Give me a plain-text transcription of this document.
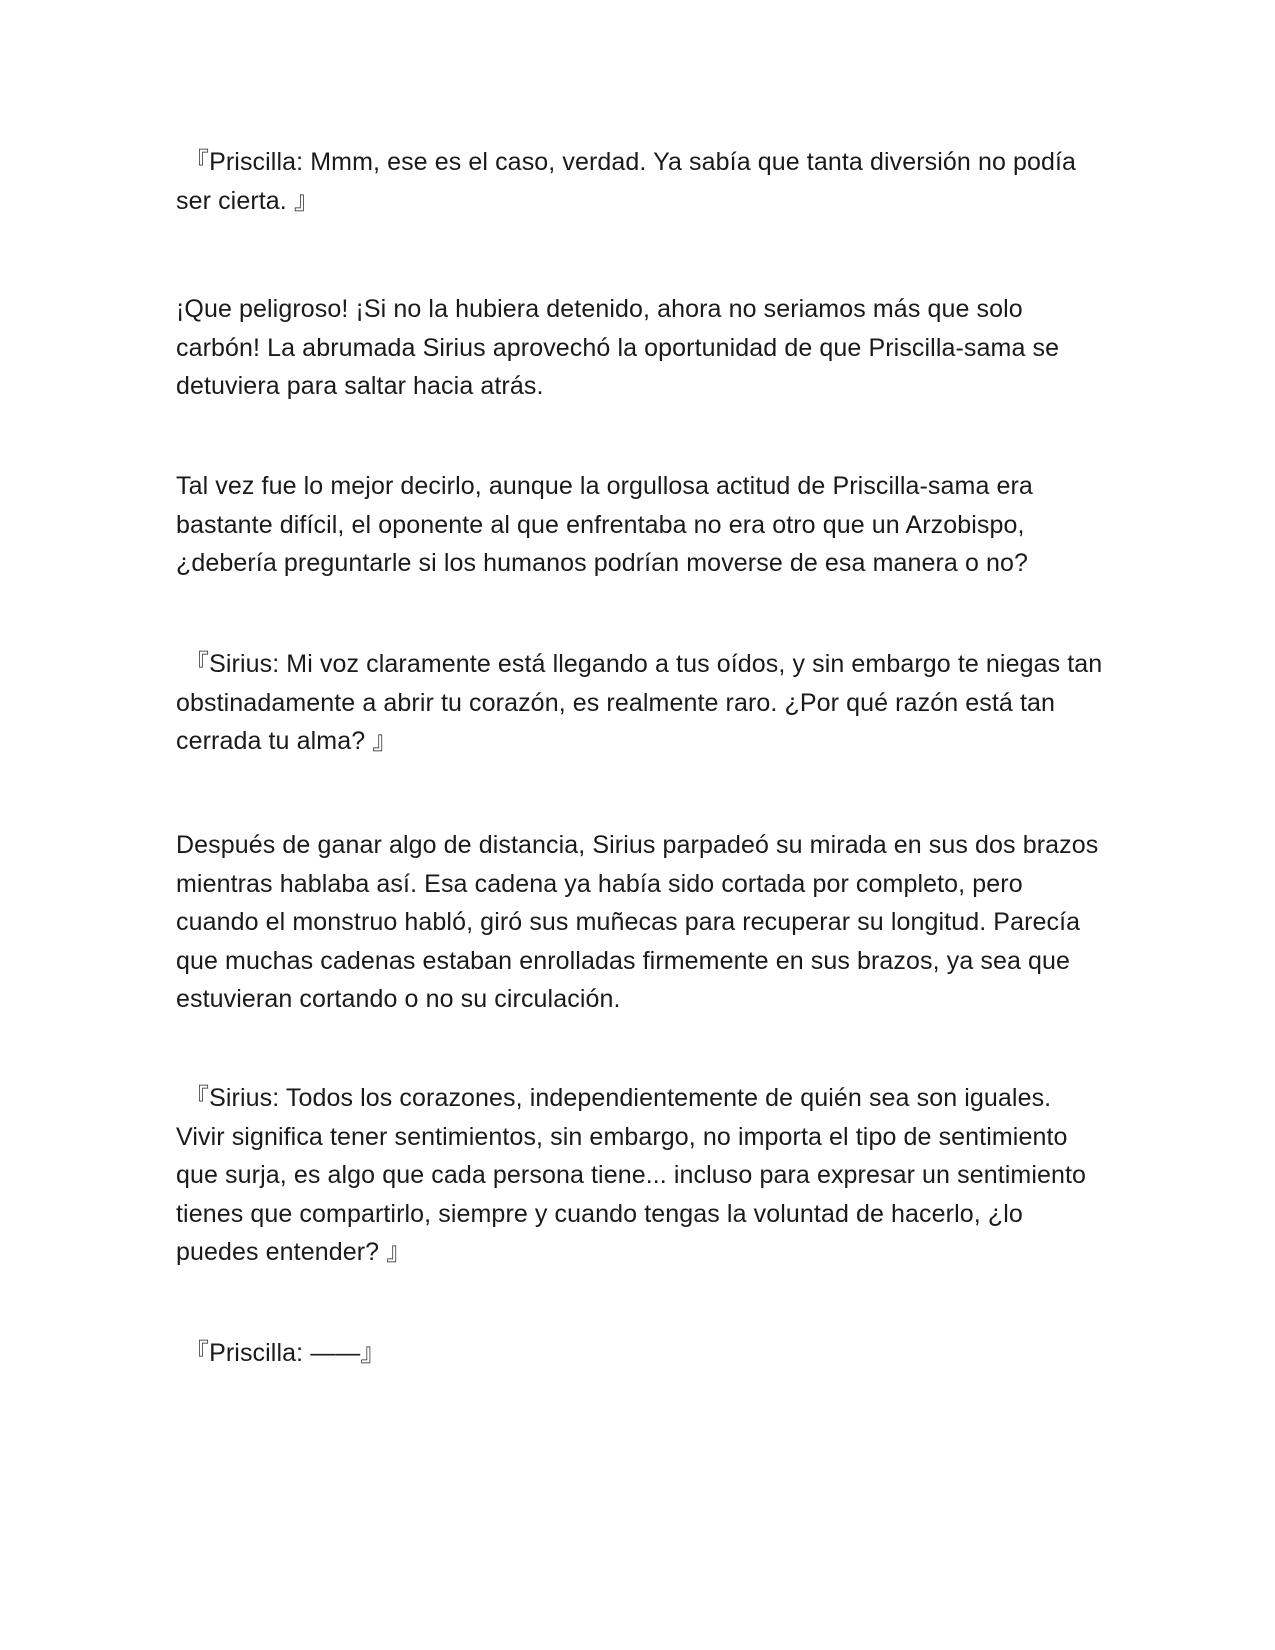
『Priscilla: Mmm, ese es el caso, verdad. Ya sabía que tanta diversión no podía ser cierta. 』

¡Que peligroso! ¡Si no la hubiera detenido, ahora no seriamos más que solo carbón! La abrumada Sirius aprovechó la oportunidad de que Priscilla-sama se detuviera para saltar hacia atrás.

Tal vez fue lo mejor decirlo, aunque la orgullosa actitud de Priscilla-sama era bastante difícil, el oponente al que enfrentaba no era otro que un Arzobispo, ¿debería preguntarle si los humanos podrían moverse de esa manera o no?

『Sirius: Mi voz claramente está llegando a tus oídos, y sin embargo te niegas tan obstinadamente a abrir tu corazón, es realmente raro. ¿Por qué razón está tan cerrada tu alma? 』

Después de ganar algo de distancia, Sirius parpadeó su mirada en sus dos brazos mientras hablaba así. Esa cadena ya había sido cortada por completo, pero cuando el monstruo habló, giró sus muñecas para recuperar su longitud. Parecía que muchas cadenas estaban enrolladas firmemente en sus brazos, ya sea que estuvieran cortando o no su circulación.

『Sirius: Todos los corazones, independientemente de quién sea son iguales. Vivir significa tener sentimientos, sin embargo, no importa el tipo de sentimiento que surja, es algo que cada persona tiene... incluso para expresar un sentimiento tienes que compartirlo, siempre y cuando tengas la voluntad de hacerlo, ¿lo puedes entender? 』

『Priscilla: ——』
